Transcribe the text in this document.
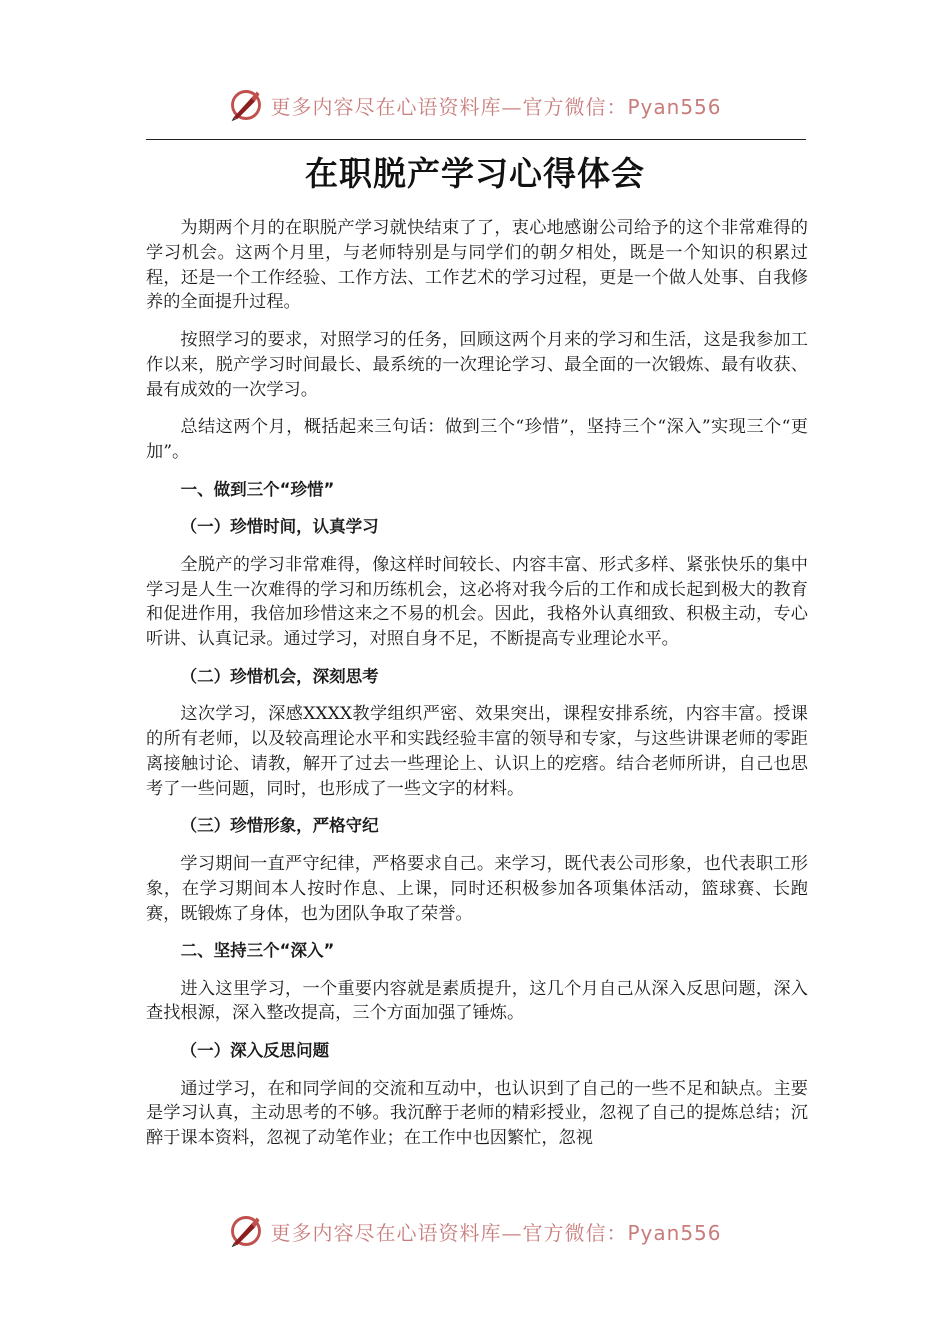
更多内容尽在心语资料库—官方微信：Pyan556
在职脱产学习心得体会

为期两个月的在职脱产学习就快结束了了，衷心地感谢公司给予的这个非常难得的学习机会。这两个月里，与老师特别是与同学们的朝夕相处，既是一个知识的积累过程，还是一个工作经验、工作方法、工作艺术的学习过程，更是一个做人处事、自我修养的全面提升过程。

按照学习的要求，对照学习的任务，回顾这两个月来的学习和生活，这是我参加工作以来，脱产学习时间最长、最系统的一次理论学习、最全面的一次锻炼、最有收获、最有成效的一次学习。

总结这两个月，概括起来三句话：做到三个“珍惜”，坚持三个“深入”实现三个“更加”。

一、做到三个“珍惜”
（一）珍惜时间，认真学习

全脱产的学习非常难得，像这样时间较长、内容丰富、形式多样、紧张快乐的集中学习是人生一次难得的学习和历练机会，这必将对我今后的工作和成长起到极大的教育和促进作用，我倍加珍惜这来之不易的机会。因此，我格外认真细致、积极主动，专心听讲、认真记录。通过学习，对照自身不足，不断提高专业理论水平。

（二）珍惜机会，深刻思考

这次学习，深感XXXX教学组织严密、效果突出，课程安排系统，内容丰富。授课的所有老师，以及较高理论水平和实践经验丰富的领导和专家，与这些讲课老师的零距离接触讨论、请教，解开了过去一些理论上、认识上的疙瘩。结合老师所讲，自己也思考了一些问题，同时，也形成了一些文字的材料。

（三）珍惜形象，严格守纪

学习期间一直严守纪律，严格要求自己。来学习，既代表公司形象，也代表职工形象，在学习期间本人按时作息、上课，同时还积极参加各项集体活动，篮球赛、长跑赛，既锻炼了身体，也为团队争取了荣誉。

二、坚持三个“深入”

进入这里学习，一个重要内容就是素质提升，这几个月自己从深入反思问题，深入查找根源，深入整改提高，三个方面加强了锤炼。

（一）深入反思问题

通过学习，在和同学间的交流和互动中，也认识到了自己的一些不足和缺点。主要是学习认真，主动思考的不够。我沉醉于老师的精彩授业，忽视了自己的提炼总结；沉醉于课本资料，忽视了动笔作业；在工作中也因繁忙，忽视

更多内容尽在心语资料库—官方微信：Pyan556
